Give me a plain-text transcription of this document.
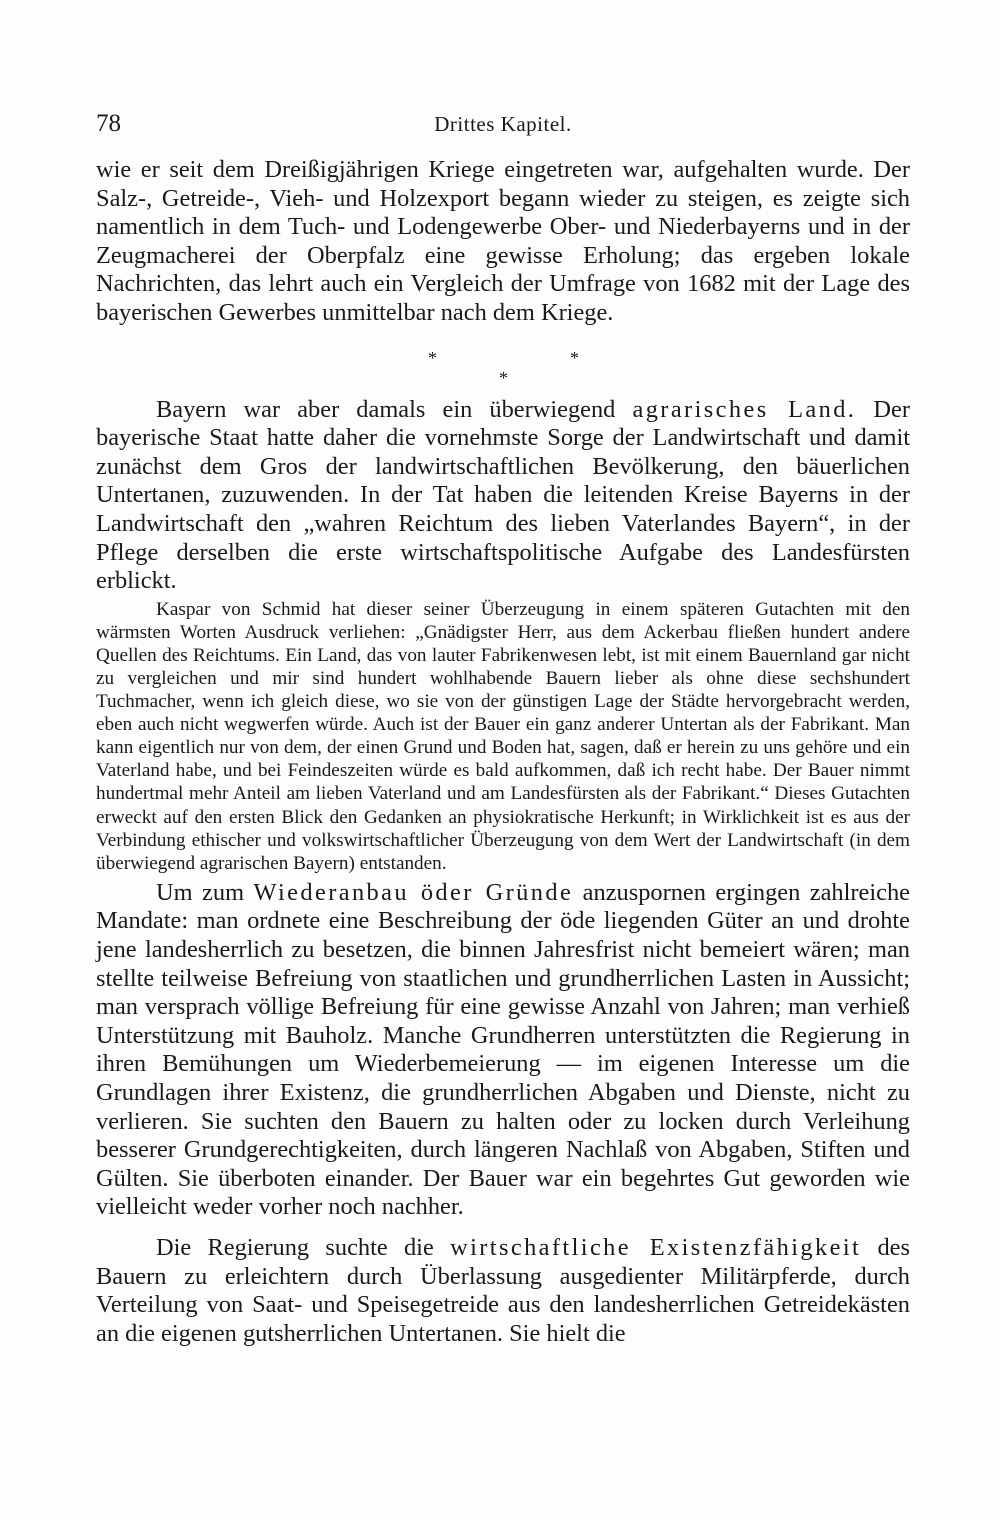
78	Drittes Kapitel.

wie er seit dem Dreißigjährigen Kriege eingetreten war, aufgehalten wurde. Der Salz-, Getreide-, Vieh- und Holzexport begann wieder zu steigen, es zeigte sich namentlich in dem Tuch- und Lodengewerbe Ober- und Niederbayerns und in der Zeugmacherei der Oberpfalz eine gewisse Erholung; das ergeben lokale Nachrichten, das lehrt auch ein Vergleich der Umfrage von 1682 mit der Lage des bayerischen Gewerbes unmittelbar nach dem Kriege.

*	*
*

Bayern war aber damals ein überwiegend agrarisches Land. Der bayerische Staat hatte daher die vornehmste Sorge der Landwirtschaft und damit zunächst dem Gros der landwirtschaftlichen Bevölkerung, den bäuerlichen Untertanen, zuzuwenden. In der Tat haben die leitenden Kreise Bayerns in der Landwirtschaft den „wahren Reichtum des lieben Vaterlandes Bayern“, in der Pflege derselben die erste wirtschaftspolitische Aufgabe des Landesfürsten erblickt.

Kaspar von Schmid hat dieser seiner Überzeugung in einem späteren Gutachten mit den wärmsten Worten Ausdruck verliehen: „Gnädigster Herr, aus dem Ackerbau fließen hundert andere Quellen des Reichtums. Ein Land, das von lauter Fabrikenwesen lebt, ist mit einem Bauernland gar nicht zu vergleichen und mir sind hundert wohlhabende Bauern lieber als ohne diese sechshundert Tuchmacher, wenn ich gleich diese, wo sie von der günstigen Lage der Städte hervorgebracht werden, eben auch nicht wegwerfen würde. Auch ist der Bauer ein ganz anderer Untertan als der Fabrikant. Man kann eigentlich nur von dem, der einen Grund und Boden hat, sagen, daß er herein zu uns gehöre und ein Vaterland habe, und bei Feindeszeiten würde es bald aufkommen, daß ich recht habe. Der Bauer nimmt hundertmal mehr Anteil am lieben Vaterland und am Landesfürsten als der Fabrikant.“ Dieses Gutachten erweckt auf den ersten Blick den Gedanken an physiokratische Herkunft; in Wirklichkeit ist es aus der Verbindung ethischer und volkswirtschaftlicher Überzeugung von dem Wert der Landwirtschaft (in dem überwiegend agrarischen Bayern) entstanden.

Um zum Wiederanbau öder Gründe anzuspornen ergingen zahlreiche Mandate: man ordnete eine Beschreibung der öde liegenden Güter an und drohte jene landesherrlich zu besetzen, die binnen Jahresfrist nicht bemeiert wären; man stellte teilweise Befreiung von staatlichen und grundherrlichen Lasten in Aussicht; man versprach völlige Befreiung für eine gewisse Anzahl von Jahren; man verhieß Unterstützung mit Bauholz. Manche Grundherren unterstützten die Regierung in ihren Bemühungen um Wiederbemeierung — im eigenen Interesse um die Grundlagen ihrer Existenz, die grundherrlichen Abgaben und Dienste, nicht zu verlieren. Sie suchten den Bauern zu halten oder zu locken durch Verleihung besserer Grundgerechtigkeiten, durch längeren Nachlaß von Abgaben, Stiften und Gülten. Sie überboten einander. Der Bauer war ein begehrtes Gut geworden wie vielleicht weder vorher noch nachher.

Die Regierung suchte die wirtschaftliche Existenzfähigkeit des Bauern zu erleichtern durch Überlassung ausgedienter Militärpferde, durch Verteilung von Saat- und Speisegetreide aus den landesherrlichen Getreidekästen an die eigenen gutsherrlichen Untertanen. Sie hielt die
